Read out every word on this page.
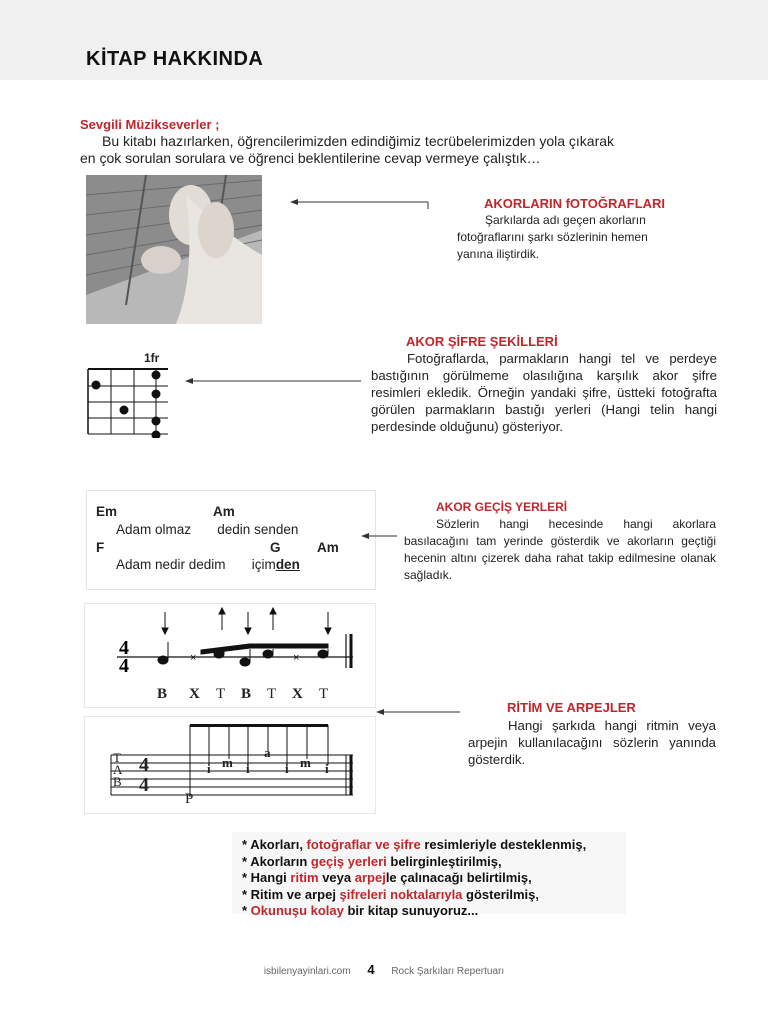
KİTAP HAKKINDA
Sevgili Müzikseverler ;
Bu kitabı hazırlarken, öğrencilerimizden edindiğimiz tecrübelerimizden yola çıkarak
en çok sorulan sorulara ve öğrenci beklentilerine cevap vermeye çalıştık…
AKORLARIN fOTOĞRAFLARI
Şarkılarda adı geçen akorların
fotoğraflarını şarkı sözlerinin hemen
yanına iliştirdik.
1fr
AKOR ŞİFRE ŞEKİLLERİ
Fotoğraflarda, parmakların hangi tel ve perdeye bastığının görülmeme olasılığına karşılık akor şifre resimleri ekledik. Örneğin yandaki şifre, üstteki fotoğrafta görülen parmakların bastığı yerleri (Hangi telin hangi perdesinde olduğunu) gösteriyor.
Em	Am
Adam olmaz       dedin senden
F	G	Am
Adam nedir dedim       içimden
AKOR GEÇİŞ YERLERİ
Sözlerin hangi hecesinde hangi akorlara basılacağını tam yerinde gösterdik ve akorların geçtiği hecenin altını çizerek daha rahat takip edilmesine olanak sağladık.
4
4	×	×
B X T B T X T
T
A
B
4
4
i m i
a
i m i
P
RİTİM VE ARPEJLER
Hangi şarkıda hangi ritmin veya arpejin kullanılacağını sözlerin yanında gösterdik.
* Akorları, fotoğraflar ve şifre resimleriyle desteklenmiş,
* Akorların geçiş yerleri belirginleştirilmiş,
* Hangi ritim veya arpejle çalınacağı belirtilmiş,
* Ritim ve arpej şifreleri noktalarıyla gösterilmiş,
* Okunuşu kolay bir kitap sunuyoruz...
isbilenyayinlari.com 4 Rock Şarkıları Repertuarı
